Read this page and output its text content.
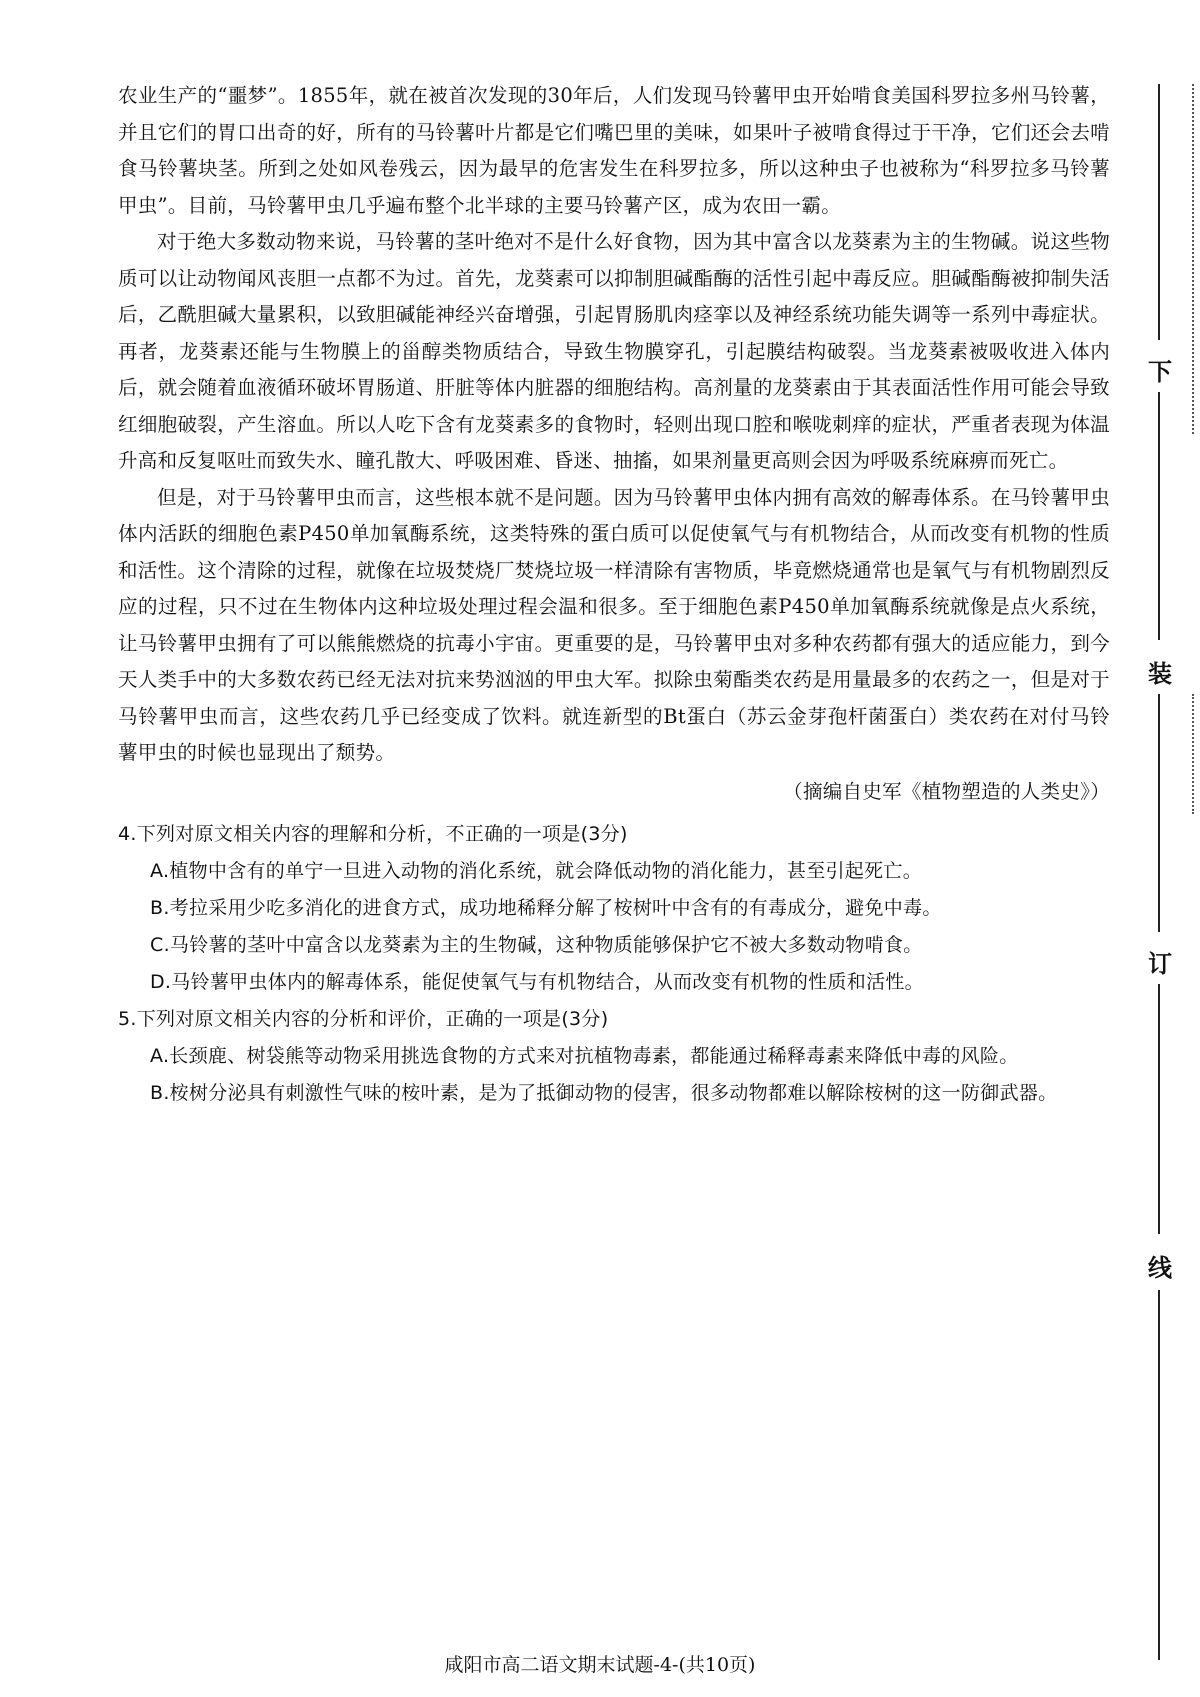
农业生产的“噩梦”。1855年，就在被首次发现的30年后，人们发现马铃薯甲虫开始啃食美国科罗拉多州马铃薯，并且它们的胃口出奇的好，所有的马铃薯叶片都是它们嘴巴里的美味，如果叶子被啃食得过于干净，它们还会去啃食马铃薯块茎。所到之处如风卷残云，因为最早的危害发生在科罗拉多，所以这种虫子也被称为“科罗拉多马铃薯甲虫”。目前，马铃薯甲虫几乎遍布整个北半球的主要马铃薯产区，成为农田一霸。

对于绝大多数动物来说，马铃薯的茎叶绝对不是什么好食物，因为其中富含以龙葵素为主的生物碱。说这些物质可以让动物闻风丧胆一点都不为过。首先，龙葵素可以抑制胆碱酯酶的活性引起中毒反应。胆碱酯酶被抑制失活后，乙酰胆碱大量累积，以致胆碱能神经兴奋增强，引起胃肠肌肉痉挛以及神经系统功能失调等一系列中毒症状。再者，龙葵素还能与生物膜上的甾醇类物质结合，导致生物膜穿孔，引起膜结构破裂。当龙葵素被吸收进入体内后，就会随着血液循环破坏胃肠道、肝脏等体内脏器的细胞结构。高剂量的龙葵素由于其表面活性作用可能会导致红细胞破裂，产生溶血。所以人吃下含有龙葵素多的食物时，轻则出现口腔和喉咙刺痒的症状，严重者表现为体温升高和反复呕吐而致失水、瞳孔散大、呼吸困难、昏迷、抽搐，如果剂量更高则会因为呼吸系统麻痹而死亡。

但是，对于马铃薯甲虫而言，这些根本就不是问题。因为马铃薯甲虫体内拥有高效的解毒体系。在马铃薯甲虫体内活跃的细胞色素P450单加氧酶系统，这类特殊的蛋白质可以促使氧气与有机物结合，从而改变有机物的性质和活性。这个清除的过程，就像在垃圾焚烧厂焚烧垃圾一样清除有害物质，毕竟燃烧通常也是氧气与有机物剧烈反应的过程，只不过在生物体内这种垃圾处理过程会温和很多。至于细胞色素P450单加氧酶系统就像是点火系统，让马铃薯甲虫拥有了可以熊熊燃烧的抗毒小宇宙。更重要的是，马铃薯甲虫对多种农药都有强大的适应能力，到今天人类手中的大多数农药已经无法对抗来势汹汹的甲虫大军。拟除虫菊酯类农药是用量最多的农药之一，但是对于马铃薯甲虫而言，这些农药几乎已经变成了饮料。就连新型的Bt蛋白（苏云金芽孢杆菌蛋白）类农药在对付马铃薯甲虫的时候也显现出了颓势。

（摘编自史军《植物塑造的人类史》）

4.下列对原文相关内容的理解和分析，不正确的一项是(3分)

A.植物中含有的单宁一旦进入动物的消化系统，就会降低动物的消化能力，甚至引起死亡。

B.考拉采用少吃多消化的进食方式，成功地稀释分解了桉树叶中含有的有毒成分，避免中毒。

C.马铃薯的茎叶中富含以龙葵素为主的生物碱，这种物质能够保护它不被大多数动物啃食。

D.马铃薯甲虫体内的解毒体系，能促使氧气与有机物结合，从而改变有机物的性质和活性。

5.下列对原文相关内容的分析和评价，正确的一项是(3分)

A.长颈鹿、树袋熊等动物采用挑选食物的方式来对抗植物毒素，都能通过稀释毒素来降低中毒的风险。

B.桉树分泌具有刺激性气味的桉叶素，是为了抵御动物的侵害，很多动物都难以解除桉树的这一防御武器。

咸阳市高二语文期末试题-4-(共10页)
下
装
订
线
